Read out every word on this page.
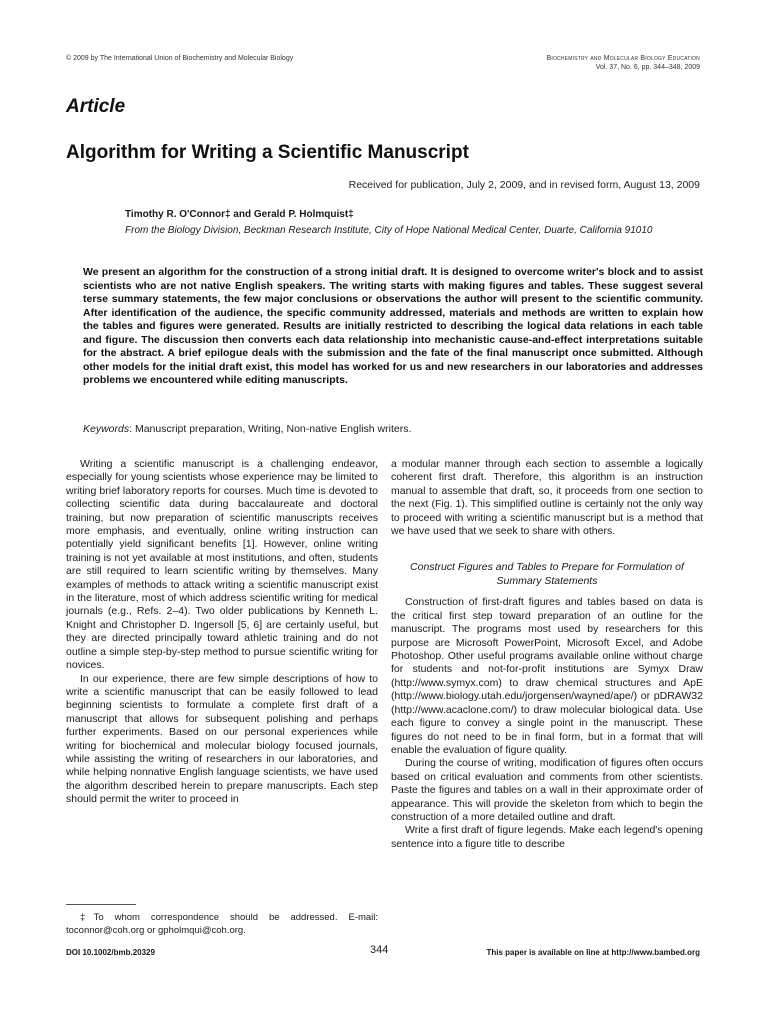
© 2009 by The International Union of Biochemistry and Molecular Biology	Biochemistry and Molecular Biology Education
Vol. 37, No. 6, pp. 344–348, 2009
Article
Algorithm for Writing a Scientific Manuscript
Received for publication, July 2, 2009, and in revised form, August 13, 2009
Timothy R. O'Connor‡ and Gerald P. Holmquist‡
From the Biology Division, Beckman Research Institute, City of Hope National Medical Center, Duarte, California 91010
We present an algorithm for the construction of a strong initial draft. It is designed to overcome writer's block and to assist scientists who are not native English speakers. The writing starts with making figures and tables. These suggest several terse summary statements, the few major conclusions or observations the author will present to the scientific community. After identification of the audience, the specific community addressed, materials and methods are written to explain how the tables and figures were generated. Results are initially restricted to describing the logical data relations in each table and figure. The discussion then converts each data relationship into mechanistic cause-and-effect interpretations suitable for the abstract. A brief epilogue deals with the submission and the fate of the final manuscript once submitted. Although other models for the initial draft exist, this model has worked for us and new researchers in our laboratories and addresses problems we encountered while editing manuscripts.
Keywords: Manuscript preparation, Writing, Non-native English writers.

Writing a scientific manuscript is a challenging endeavor, especially for young scientists whose experience may be limited to writing brief laboratory reports for courses. Much time is devoted to collecting scientific data during baccalaureate and doctoral training, but now preparation of scientific manuscripts receives more emphasis, and eventually, online writing instruction can potentially yield significant benefits [1]. However, online writing training is not yet available at most institutions, and often, students are still required to learn scientific writing by themselves. Many examples of methods to attack writing a scientific manuscript exist in the literature, most of which address scientific writing for medical journals (e.g., Refs. 2–4). Two older publications by Kenneth L. Knight and Christopher D. Ingersoll [5, 6] are certainly useful, but they are directed principally toward athletic training and do not outline a simple step-by-step method to pursue scientific writing for novices.

In our experience, there are few simple descriptions of how to write a scientific manuscript that can be easily followed to lead beginning scientists to formulate a complete first draft of a manuscript that allows for subsequent polishing and perhaps further experiments. Based on our personal experiences while writing for biochemical and molecular biology focused journals, while assisting the writing of researchers in our laboratories, and while helping nonnative English language scientists, we have used the algorithm described herein to prepare manuscripts. Each step should permit the writer to proceed in

a modular manner through each section to assemble a logically coherent first draft. Therefore, this algorithm is an instruction manual to assemble that draft, so, it proceeds from one section to the next (Fig. 1). This simplified outline is certainly not the only way to proceed with writing a scientific manuscript but is a method that we have used that we seek to share with others.

Construct Figures and Tables to Prepare for Formulation of Summary Statements

Construction of first-draft figures and tables based on data is the critical first step toward preparation of an outline for the manuscript. The programs most used by researchers for this purpose are Microsoft PowerPoint, Microsoft Excel, and Adobe Photoshop. Other useful programs available online without charge for students and not-for-profit institutions are Symyx Draw (http://www.symyx.com) to draw chemical structures and ApE (http://www.biology.utah.edu/jorgensen/wayned/ape/) or pDRAW32 (http://www.acaclone.com/) to draw molecular biological data. Use each figure to convey a single point in the manuscript. These figures do not need to be in final form, but in a format that will enable the evaluation of figure quality.

During the course of writing, modification of figures often occurs based on critical evaluation and comments from other scientists. Paste the figures and tables on a wall in their approximate order of appearance. This will provide the skeleton from which to begin the construction of a more detailed outline and draft.

Write a first draft of figure legends. Make each legend's opening sentence into a figure title to describe

‡To whom correspondence should be addressed. E-mail: toconnor@coh.org or gpholmqui@coh.org.
DOI 10.1002/bmb.20329	344	This paper is available on line at http://www.bambed.org
